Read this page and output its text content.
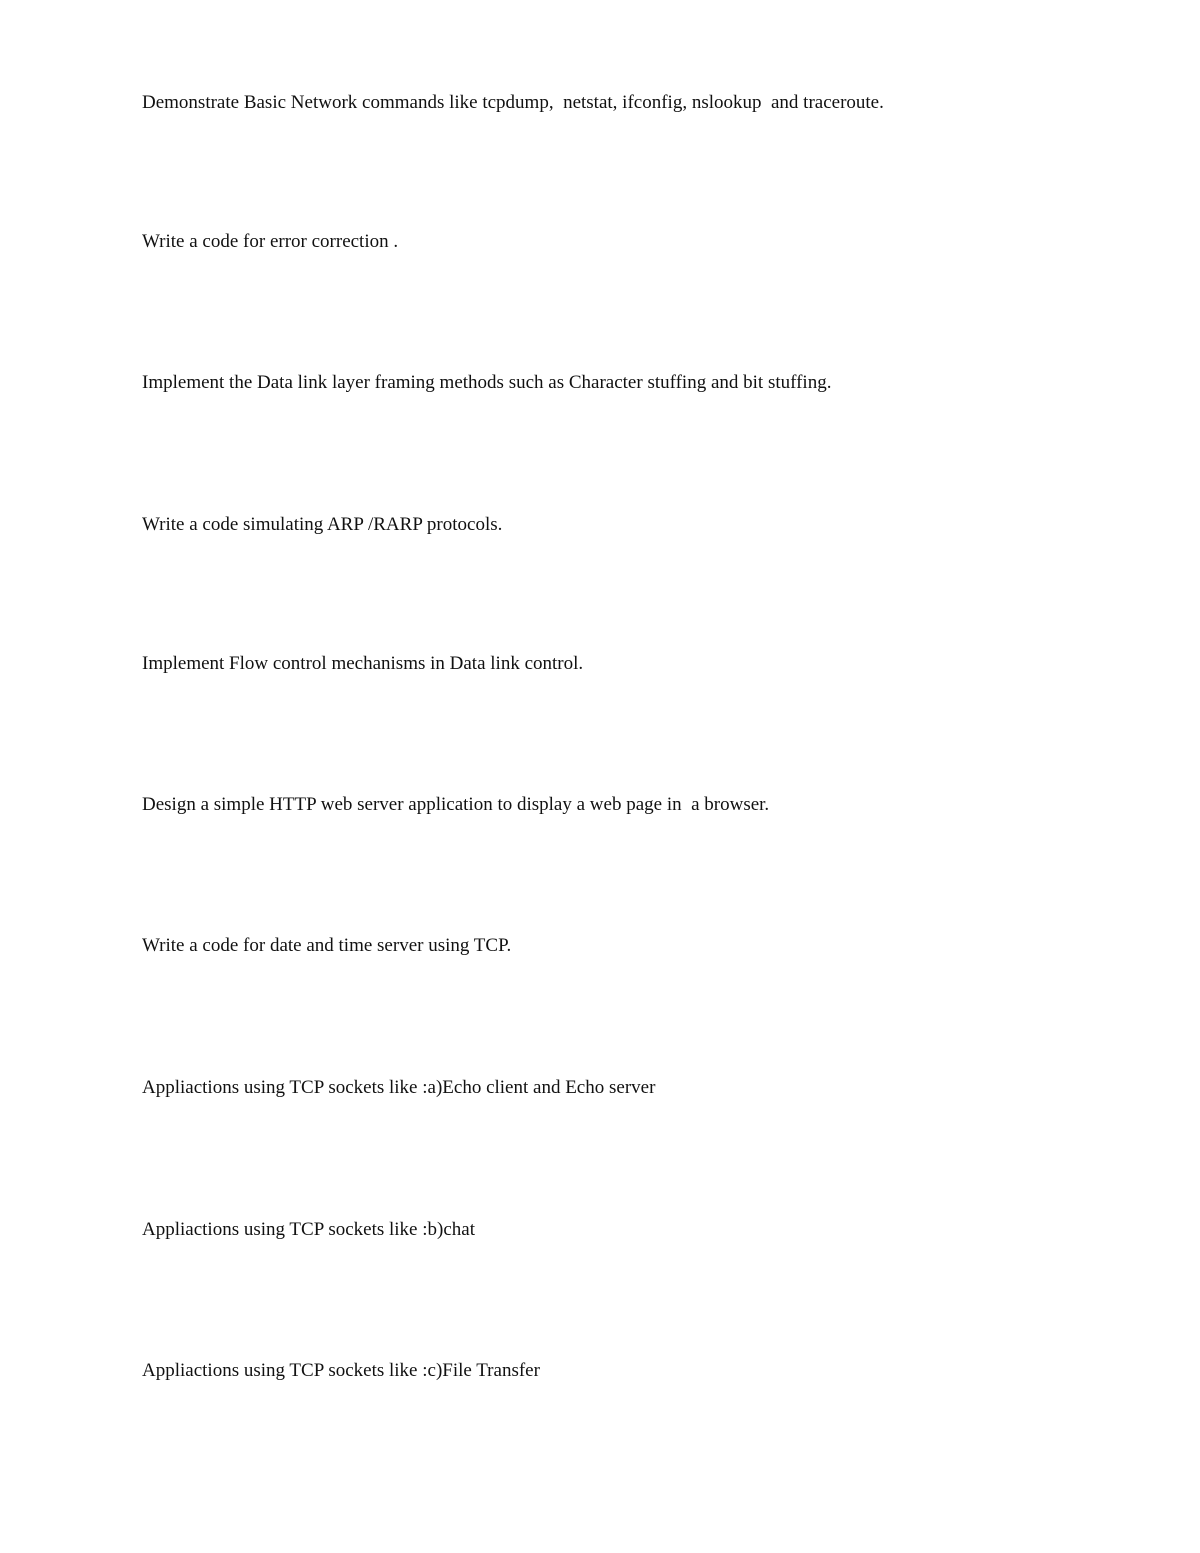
Demonstrate Basic Network commands like tcpdump,  netstat, ifconfig, nslookup  and traceroute.

Write a code for error correction .

Implement the Data link layer framing methods such as Character stuffing and bit stuffing.

Write a code simulating ARP /RARP protocols.

Implement Flow control mechanisms in Data link control.

Design a simple HTTP web server application to display a web page in  a browser.

Write a code for date and time server using TCP.

Appliactions using TCP sockets like :a)Echo client and Echo server

Appliactions using TCP sockets like :b)chat

Appliactions using TCP sockets like :c)File Transfer
